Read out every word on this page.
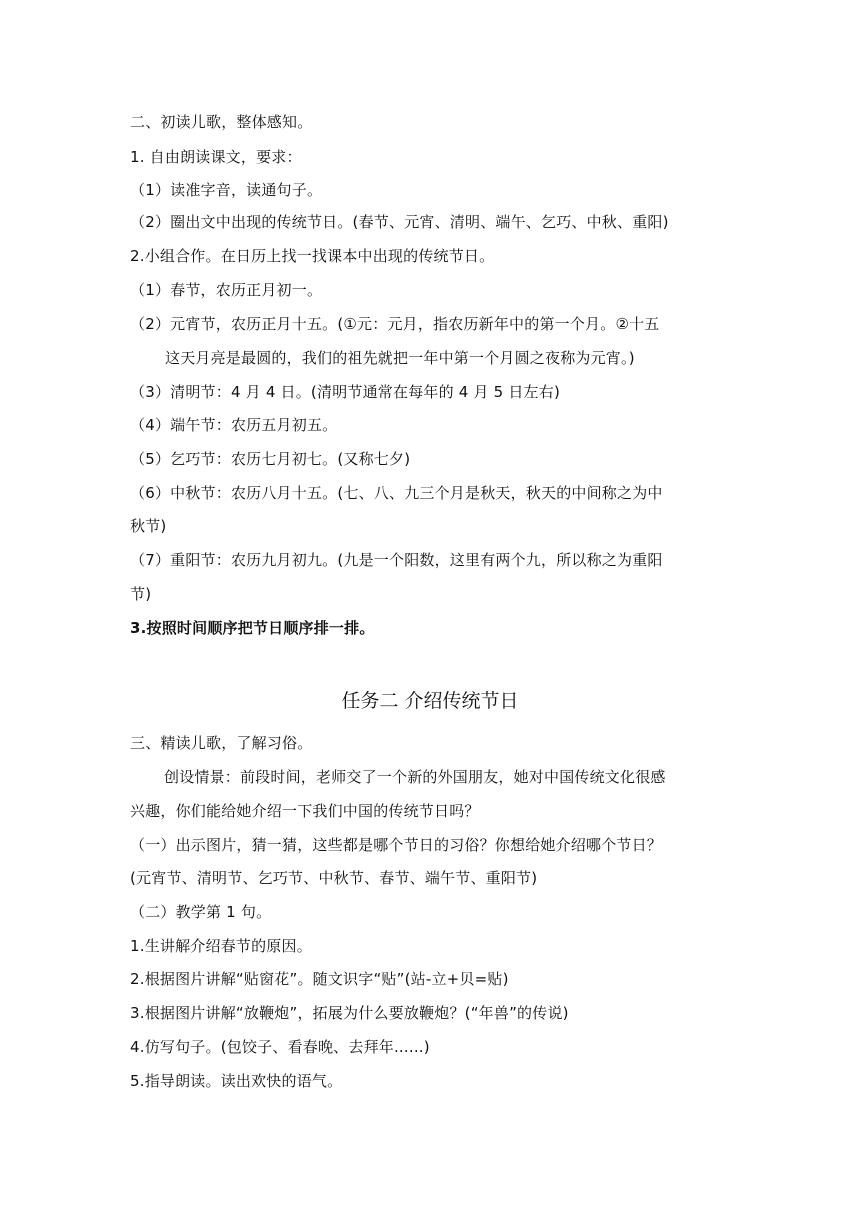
二、初读儿歌，整体感知。
1. 自由朗读课文，要求：
（1）读准字音，读通句子。
（2）圈出文中出现的传统节日。(春节、元宵、清明、端午、乞巧、中秋、重阳)
2.小组合作。在日历上找一找课本中出现的传统节日。
（1）春节，农历正月初一。
（2）元宵节，农历正月十五。(①元：元月，指农历新年中的第一个月。②十五
这天月亮是最圆的，我们的祖先就把一年中第一个月圆之夜称为元宵。)
（3）清明节：4 月 4 日。(清明节通常在每年的 4 月 5 日左右)
（4）端午节：农历五月初五。
（5）乞巧节：农历七月初七。(又称七夕)
（6）中秋节：农历八月十五。(七、八、九三个月是秋天，秋天的中间称之为中
秋节)
（7）重阳节：农历九月初九。(九是一个阳数，这里有两个九，所以称之为重阳
节)
3.按照时间顺序把节日顺序排一排。
任务二 介绍传统节日
三、精读儿歌，了解习俗。
创设情景：前段时间，老师交了一个新的外国朋友，她对中国传统文化很感
兴趣，你们能给她介绍一下我们中国的传统节日吗？
（一）出示图片，猜一猜，这些都是哪个节日的习俗？你想给她介绍哪个节日？
(元宵节、清明节、乞巧节、中秋节、春节、端午节、重阳节)
（二）教学第 1 句。
1.生讲解介绍春节的原因。
2.根据图片讲解“贴窗花”。随文识字“贴”(站-立+贝=贴)
3.根据图片讲解“放鞭炮”，拓展为什么要放鞭炮？(“年兽”的传说)
4.仿写句子。(包饺子、看春晚、去拜年......)
5.指导朗读。读出欢快的语气。
